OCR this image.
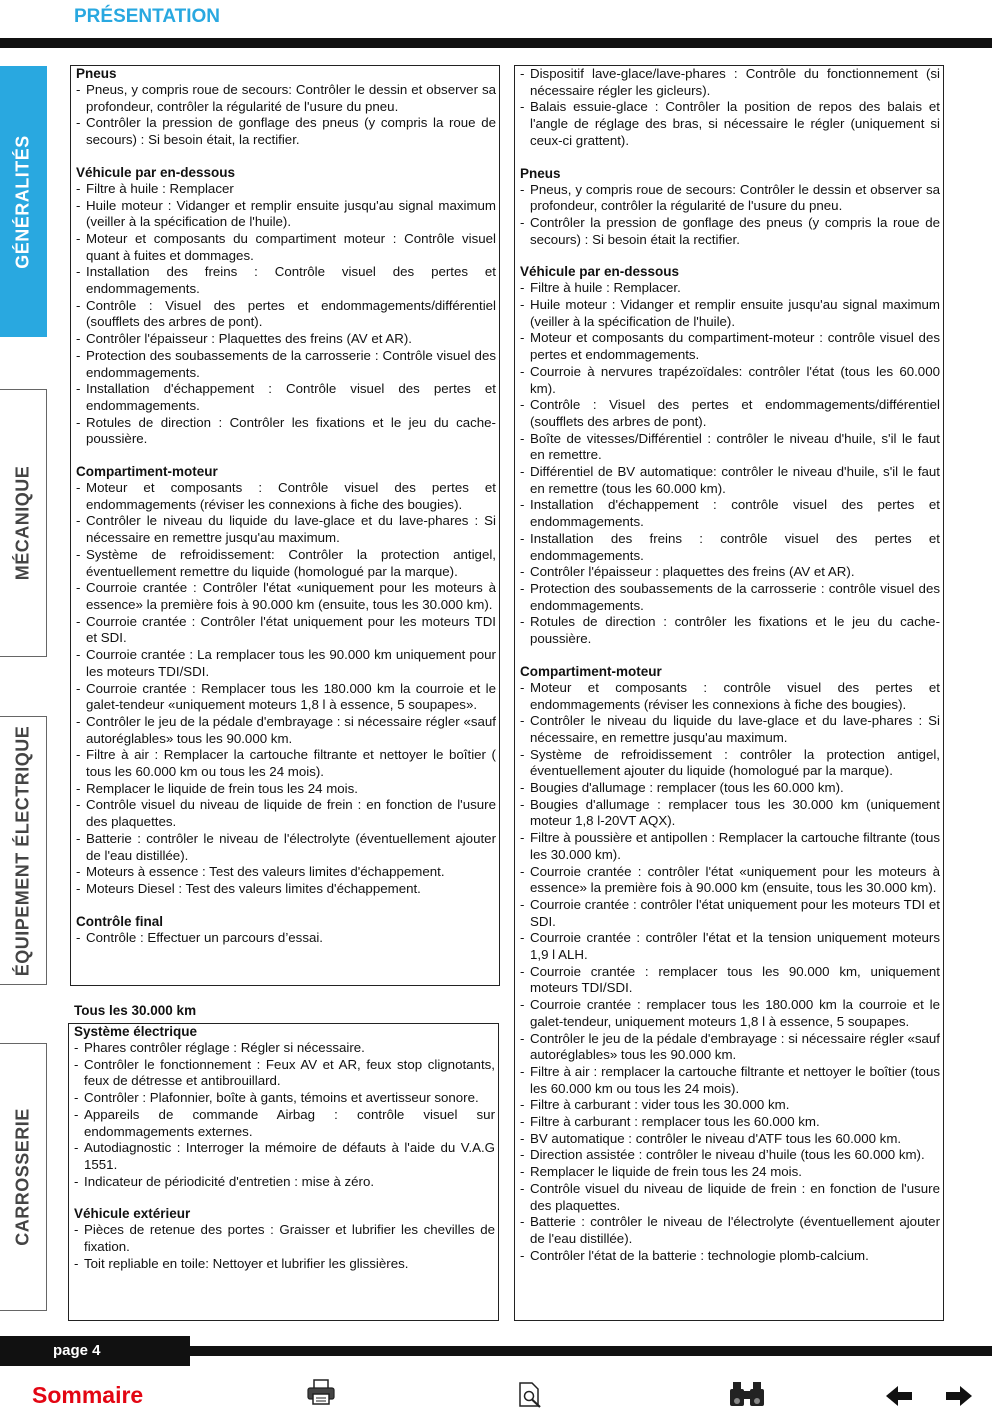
PRÉSENTATION
GÉNÉRALITÉS
MÉCANIQUE
ÉQUIPEMENT ÉLECTRIQUE
CARROSSERIE
Pneus
- Pneus, y compris roue de secours: Contrôler le dessin et observer sa profondeur, contrôler la régularité de l'usure du pneu.
- Contrôler la pression de gonflage des pneus (y compris la roue de secours) : Si besoin était, la rectifier.
Véhicule par en-dessous
- Filtre à huile : Remplacer
- Huile moteur : Vidanger et remplir ensuite jusqu'au signal maximum (veiller à la spécification de l'huile).
- Moteur et composants du compartiment moteur : Contrôle visuel quant à fuites et dommages.
- Installation des freins : Contrôle visuel des pertes et endommagements.
- Contrôle : Visuel des pertes et endommagements/différentiel (soufflets des arbres de pont).
- Contrôler l'épaisseur : Plaquettes des freins (AV et AR).
- Protection des soubassements de la carrosserie : Contrôle visuel des endommagements.
- Installation d'échappement : Contrôle visuel des pertes et endommagements.
- Rotules de direction : Contrôler les fixations et le jeu du cache-poussière.
Compartiment-moteur
- Moteur et composants : Contrôle visuel des pertes et endommagements (réviser les connexions à fiche des bougies).
- Contrôler le niveau du liquide du lave-glace et du lave-phares : Si nécessaire en remettre jusqu'au maximum.
- Système de refroidissement: Contrôler la protection antigel, éventuellement remettre du liquide (homologué par la marque).
- Courroie crantée : Contrôler l'état «uniquement pour les moteurs à essence» la première fois à 90.000 km (ensuite, tous les 30.000 km).
- Courroie crantée : Contrôler l'état uniquement pour les moteurs TDI et SDI.
- Courroie crantée : La remplacer tous les 90.000 km uniquement pour les moteurs TDI/SDI.
- Courroie crantée : Remplacer tous les 180.000 km la courroie et le galet-tendeur «uniquement moteurs 1,8 l à essence, 5 soupapes».
- Contrôler le jeu de la pédale d'embrayage : si nécessaire régler «sauf autoréglables» tous les 90.000 km.
- Filtre à air : Remplacer la cartouche filtrante et nettoyer le boîtier ( tous les 60.000 km ou tous les 24 mois).
- Remplacer le liquide de frein tous les 24 mois.
- Contrôle visuel du niveau de liquide de frein : en fonction de l'usure des plaquettes.
- Batterie : contrôler le niveau de l'électrolyte (éventuellement ajouter de l'eau distillée).
- Moteurs à essence : Test des valeurs limites d'échappement.
- Moteurs Diesel : Test des valeurs limites d'échappement.
Contrôle final
- Contrôle : Effectuer un parcours d’essai.
Tous les 30.000 km
Système électrique
- Phares contrôler réglage : Régler si nécessaire.
- Contrôler le fonctionnement : Feux AV et AR, feux stop clignotants, feux de détresse et antibrouillard.
- Contrôler : Plafonnier, boîte à gants, témoins et avertisseur sonore.
- Appareils de commande Airbag : contrôle visuel sur endommagements externes.
- Autodiagnostic : Interroger la mémoire de défauts à l'aide du V.A.G 1551.
- Indicateur de périodicité d'entretien : mise à zéro.
Véhicule extérieur
- Pièces de retenue des portes : Graisser et lubrifier les chevilles de fixation.
- Toit repliable en toile: Nettoyer et lubrifier les glissières.
- Dispositif lave-glace/lave-phares : Contrôle du fonctionnement (si nécessaire régler les gicleurs).
- Balais essuie-glace : Contrôler la position de repos des balais et l'angle de réglage des bras, si nécessaire le régler (uniquement si ceux-ci grattent).
Pneus
- Pneus, y compris roue de secours: Contrôler le dessin et observer sa profondeur, contrôler la régularité de l'usure du pneu.
- Contrôler la pression de gonflage des pneus (y compris la roue de secours) : Si besoin était la rectifier.
Véhicule par en-dessous
- Filtre à huile : Remplacer.
- Huile moteur : Vidanger et remplir ensuite jusqu'au signal maximum (veiller à la spécification de l'huile).
- Moteur et composants du compartiment-moteur : contrôle visuel des pertes et endommagements.
- Courroie à nervures trapézoïdales: contrôler l'état (tous les 60.000 km).
- Contrôle : Visuel des pertes et endommagements/différentiel (soufflets des arbres de pont).
- Boîte de vitesses/Différentiel : contrôler le niveau d'huile, s'il le faut en remettre.
- Différentiel de BV automatique: contrôler le niveau d'huile, s'il le faut en remettre (tous les 60.000 km).
- Installation d'échappement : contrôle visuel des pertes et endommagements.
- Installation des freins : contrôle visuel des pertes et endommagements.
- Contrôler l'épaisseur : plaquettes des freins (AV et AR).
- Protection des soubassements de la carrosserie : contrôle visuel des endommagements.
- Rotules de direction : contrôler les fixations et le jeu du cache-poussière.
Compartiment-moteur
- Moteur et composants : contrôle visuel des pertes et endommagements (réviser les connexions à fiche des bougies).
- Contrôler le niveau du liquide du lave-glace et du lave-phares : Si nécessaire, en remettre jusqu'au maximum.
- Système de refroidissement : contrôler la protection antigel, éventuellement ajouter du liquide (homologué par la marque).
- Bougies d'allumage : remplacer (tous les 60.000 km).
- Bougies d'allumage : remplacer tous les 30.000 km (uniquement moteur 1,8 l-20VT AQX).
- Filtre à poussière et antipollen : Remplacer la cartouche filtrante (tous les 30.000 km).
- Courroie crantée : contrôler l'état «uniquement pour les moteurs à essence» la première fois à 90.000 km (ensuite, tous les 30.000 km).
- Courroie crantée : contrôler l'état uniquement pour les moteurs TDI et SDI.
- Courroie crantée : contrôler l'état et la tension uniquement moteurs 1,9 l ALH.
- Courroie crantée : remplacer tous les 90.000 km, uniquement moteurs TDI/SDI.
- Courroie crantée : remplacer tous les 180.000 km la courroie et le galet-tendeur, uniquement moteurs 1,8 l à essence, 5 soupapes.
- Contrôler le jeu de la pédale d'embrayage : si nécessaire régler «sauf autoréglables» tous les 90.000 km.
- Filtre à air : remplacer la cartouche filtrante et nettoyer le boîtier (tous les 60.000 km ou tous les 24 mois).
- Filtre à carburant : vider tous les 30.000 km.
- Filtre à carburant : remplacer tous les 60.000 km.
- BV automatique : contrôler le niveau d'ATF tous les 60.000 km.
- Direction assistée : contrôler le niveau d’huile (tous les 60.000 km).
- Remplacer le liquide de frein tous les 24 mois.
- Contrôle visuel du niveau de liquide de frein : en fonction de l'usure des plaquettes.
- Batterie : contrôler le niveau de l'électrolyte (éventuellement ajouter de l'eau distillée).
- Contrôler l'état de la batterie : technologie plomb-calcium.
page 4
Sommaire
